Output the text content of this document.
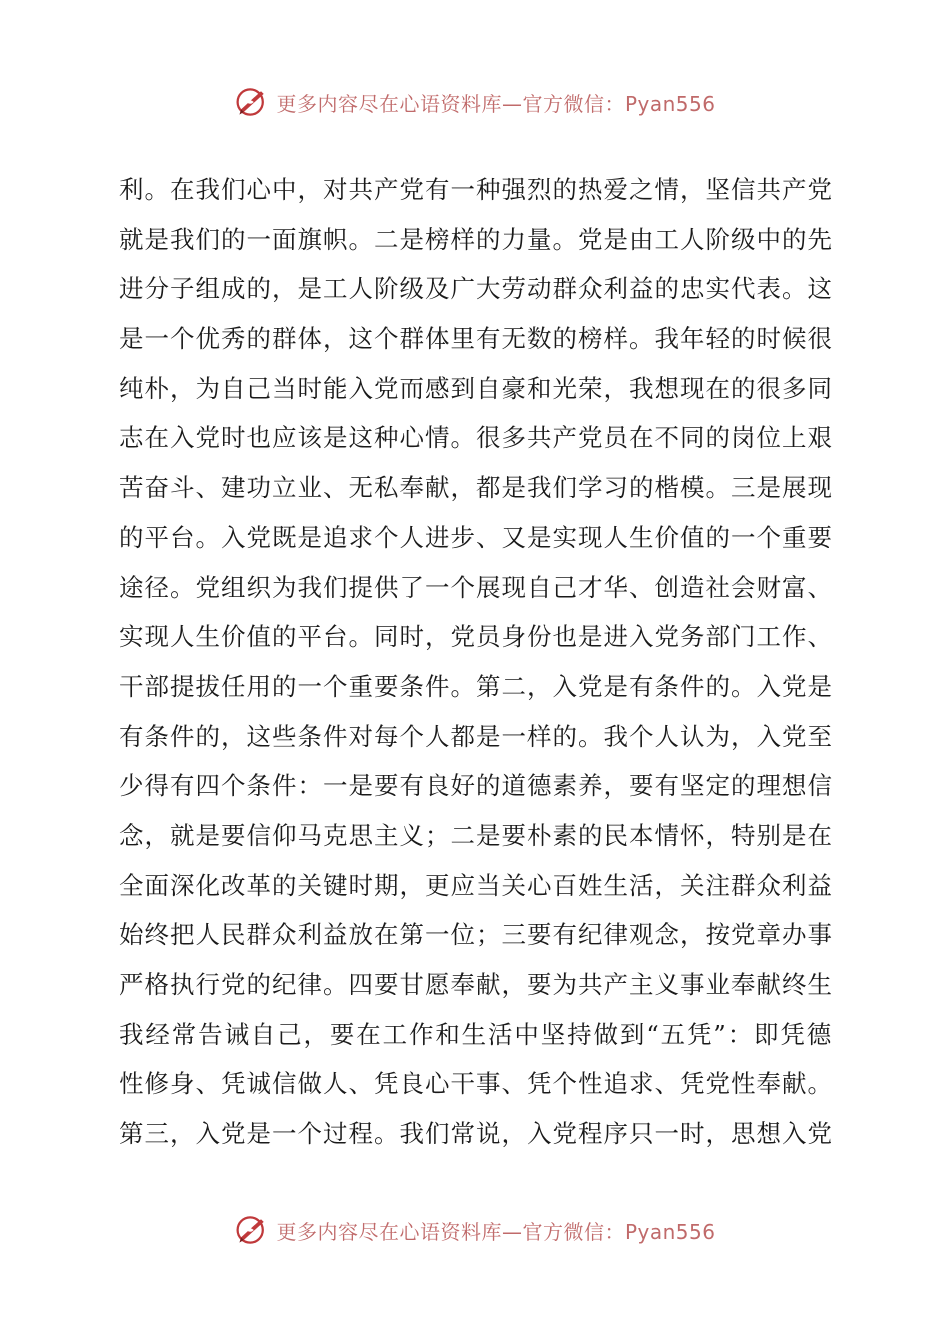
更多内容尽在心语资料库—官方微信：Pyan556
利。在我们心中，对共产党有一种强烈的热爱之情，坚信共产党
就是我们的一面旗帜。二是榜样的力量。党是由工人阶级中的先
进分子组成的，是工人阶级及广大劳动群众利益的忠实代表。这
是一个优秀的群体，这个群体里有无数的榜样。我年轻的时候很
纯朴，为自己当时能入党而感到自豪和光荣，我想现在的很多同
志在入党时也应该是这种心情。很多共产党员在不同的岗位上艰
苦奋斗、建功立业、无私奉献，都是我们学习的楷模。三是展现
的平台。入党既是追求个人进步、又是实现人生价值的一个重要
途径。党组织为我们提供了一个展现自己才华、创造社会财富、
实现人生价值的平台。同时，党员身份也是进入党务部门工作、
干部提拔任用的一个重要条件。第二，入党是有条件的。入党是
有条件的，这些条件对每个人都是一样的。我个人认为，入党至
少得有四个条件：一是要有良好的道德素养，要有坚定的理想信
念，就是要信仰马克思主义；二是要朴素的民本情怀，特别是在
全面深化改革的关键时期，更应当关心百姓生活，关注群众利益
始终把人民群众利益放在第一位；三要有纪律观念，按党章办事
严格执行党的纪律。四要甘愿奉献，要为共产主义事业奉献终生
我经常告诫自己，要在工作和生活中坚持做到“五凭”：即凭德
性修身、凭诚信做人、凭良心干事、凭个性追求、凭党性奉献。
第三，入党是一个过程。我们常说，入党程序只一时，思想入党
更多内容尽在心语资料库—官方微信：Pyan556
